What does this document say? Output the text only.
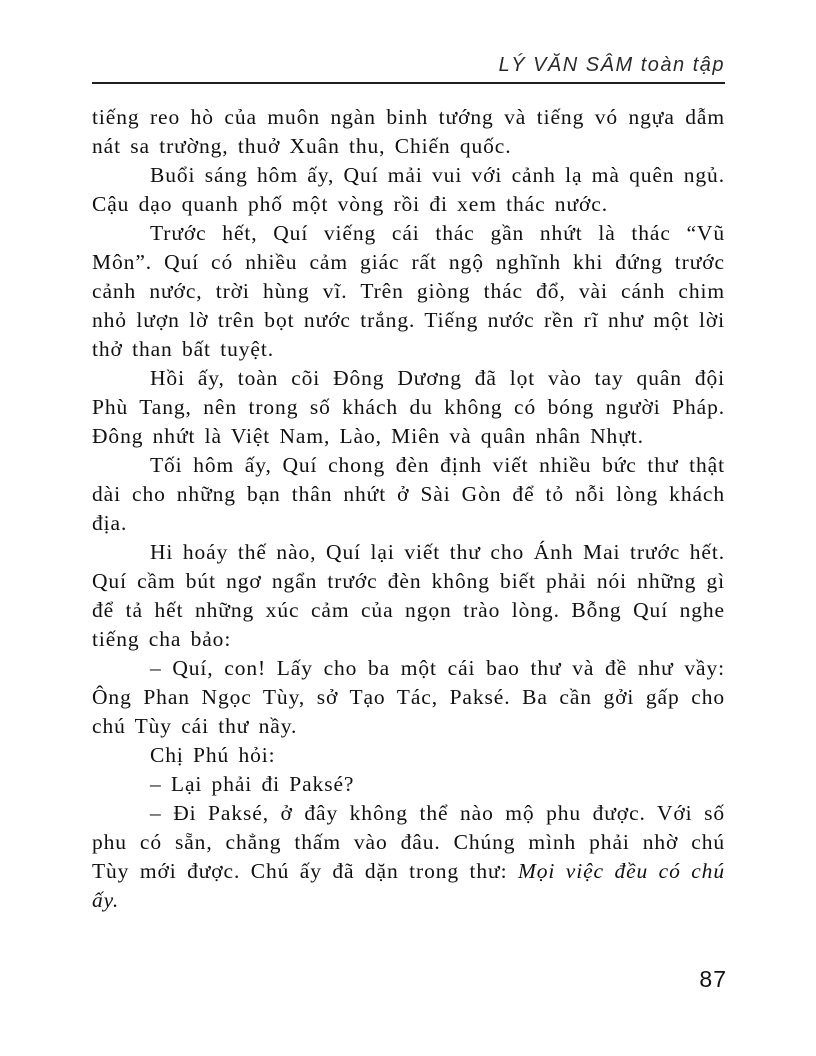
LÝ VĂN SÂM toàn tập

tiếng reo hò của muôn ngàn binh tướng và tiếng vó ngựa dẫm nát sa trường, thuở Xuân thu, Chiến quốc.

Buổi sáng hôm ấy, Quí mải vui với cảnh lạ mà quên ngủ. Cậu dạo quanh phố một vòng rồi đi xem thác nước.

Trước hết, Quí viếng cái thác gần nhứt là thác “Vũ Môn”. Quí có nhiều cảm giác rất ngộ nghĩnh khi đứng trước cảnh nước, trời hùng vĩ. Trên giòng thác đổ, vài cánh chim nhỏ lượn lờ trên bọt nước trắng. Tiếng nước rền rĩ như một lời thở than bất tuyệt.

Hồi ấy, toàn cõi Đông Dương đã lọt vào tay quân đội Phù Tang, nên trong số khách du không có bóng người Pháp. Đông nhứt là Việt Nam, Lào, Miên và quân nhân Nhựt.

Tối hôm ấy, Quí chong đèn định viết nhiều bức thư thật dài cho những bạn thân nhứt ở Sài Gòn để tỏ nỗi lòng khách địa.

Hi hoáy thế nào, Quí lại viết thư cho Ánh Mai trước hết. Quí cầm bút ngơ ngẩn trước đèn không biết phải nói những gì để tả hết những xúc cảm của ngọn trào lòng. Bỗng Quí nghe tiếng cha bảo:

– Quí, con! Lấy cho ba một cái bao thư và đề như vầy: Ông Phan Ngọc Tùy, sở Tạo Tác, Paksé. Ba cần gởi gấp cho chú Tùy cái thư nầy.

Chị Phú hỏi:

– Lại phải đi Paksé?

– Đi Paksé, ở đây không thể nào mộ phu được. Với số phu có sẵn, chẳng thấm vào đâu. Chúng mình phải nhờ chú Tùy mới được. Chú ấy đã dặn trong thư: Mọi việc đều có chú ấy.

87
